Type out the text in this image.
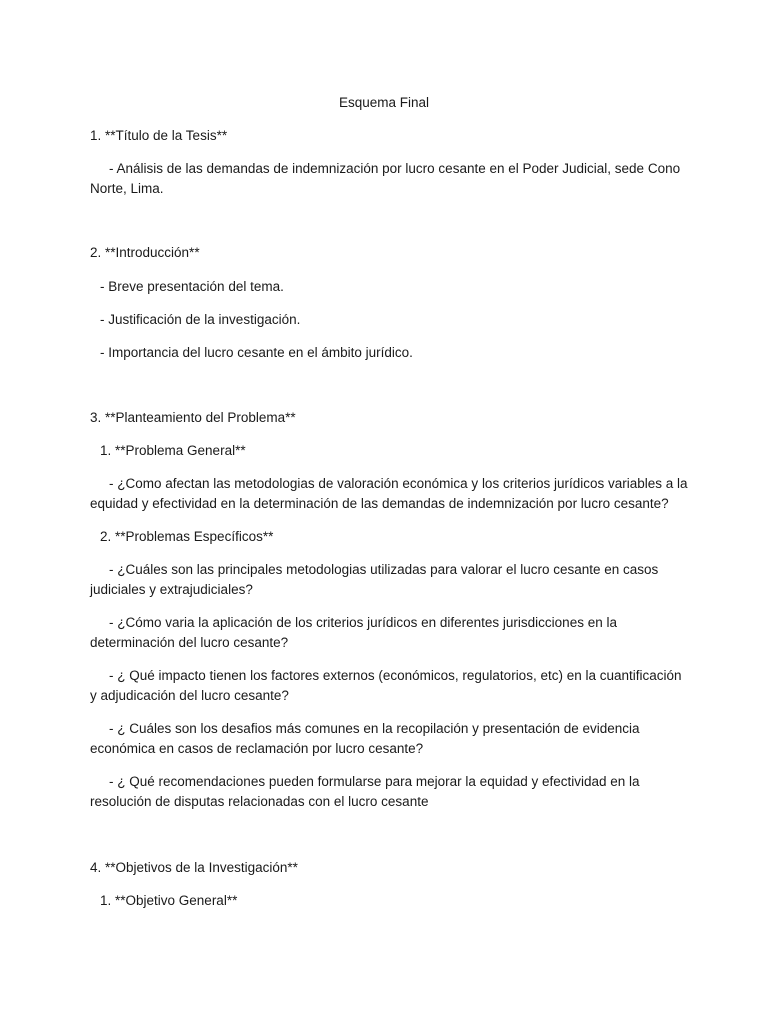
Esquema Final
1. **Título de la Tesis**
- Análisis de las demandas de indemnización por lucro cesante en el Poder Judicial, sede Cono Norte, Lima.
2. **Introducción**
- Breve presentación del tema.
- Justificación de la investigación.
- Importancia del lucro cesante en el ámbito jurídico.
3. **Planteamiento del Problema**
1. **Problema General**
- ¿Como afectan las metodologias de valoración económica y los criterios jurídicos variables a la equidad y efectividad en la determinación de las demandas de indemnización por lucro cesante?
2. **Problemas Específicos**
- ¿Cuáles son las principales metodologias utilizadas para valorar el lucro cesante en casos judiciales y extrajudiciales?
- ¿Cómo varia la aplicación de los criterios jurídicos en diferentes jurisdicciones en la determinación del lucro cesante?
- ¿ Qué impacto tienen los factores externos (económicos, regulatorios, etc) en la cuantificación y adjudicación del lucro cesante?
- ¿ Cuáles son los desafios más comunes en la recopilación y presentación de evidencia económica en casos de reclamación por lucro cesante?
- ¿ Qué recomendaciones pueden formularse para mejorar la equidad y efectividad en la resolución de disputas relacionadas con el lucro cesante
4. **Objetivos de la Investigación**
1. **Objetivo General**
